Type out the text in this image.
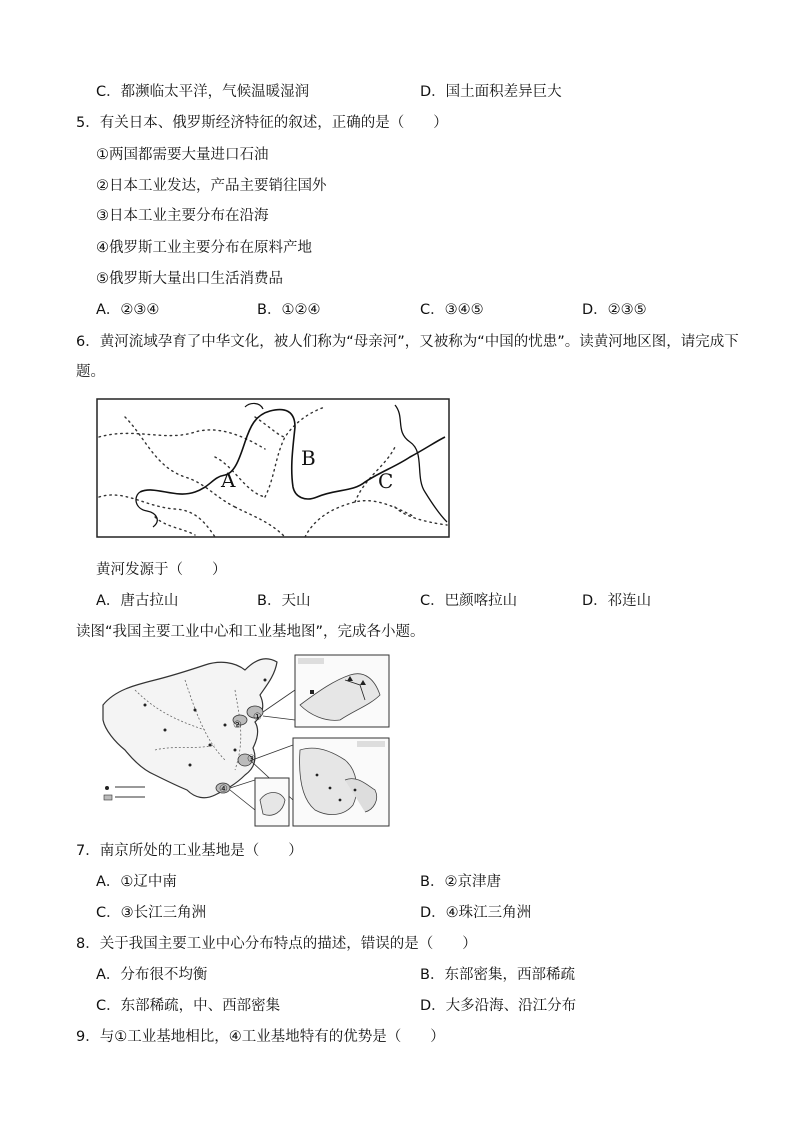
C．都濒临太平洋，气候温暖湿润	D．国土面积差异巨大
5．有关日本、俄罗斯经济特征的叙述，正确的是（　　）
①两国都需要大量进口石油
②日本工业发达，产品主要销往国外
③日本工业主要分布在沿海
④俄罗斯工业主要分布在原料产地
⑤俄罗斯大量出口生活消费品
A．②③④	B．①②④	C．③④⑤	D．②③⑤
6．黄河流域孕育了中华文化，被人们称为“母亲河”，又被称为“中国的忧患”。读黄河地区图，请完成下
题。
A
B
C
黄河发源于（　　）
A．唐古拉山	B．天山	C．巴颜喀拉山	D．祁连山
读图“我国主要工业中心和工业基地图”，完成各小题。
①
②
③
④
7．南京所处的工业基地是（　　）
A．①辽中南	B．②京津唐
C．③长江三角洲	D．④珠江三角洲
8．关于我国主要工业中心分布特点的描述，错误的是（　　）
A．分布很不均衡	B．东部密集，西部稀疏
C．东部稀疏，中、西部密集	D．大多沿海、沿江分布
9．与①工业基地相比，④工业基地特有的优势是（　　）
